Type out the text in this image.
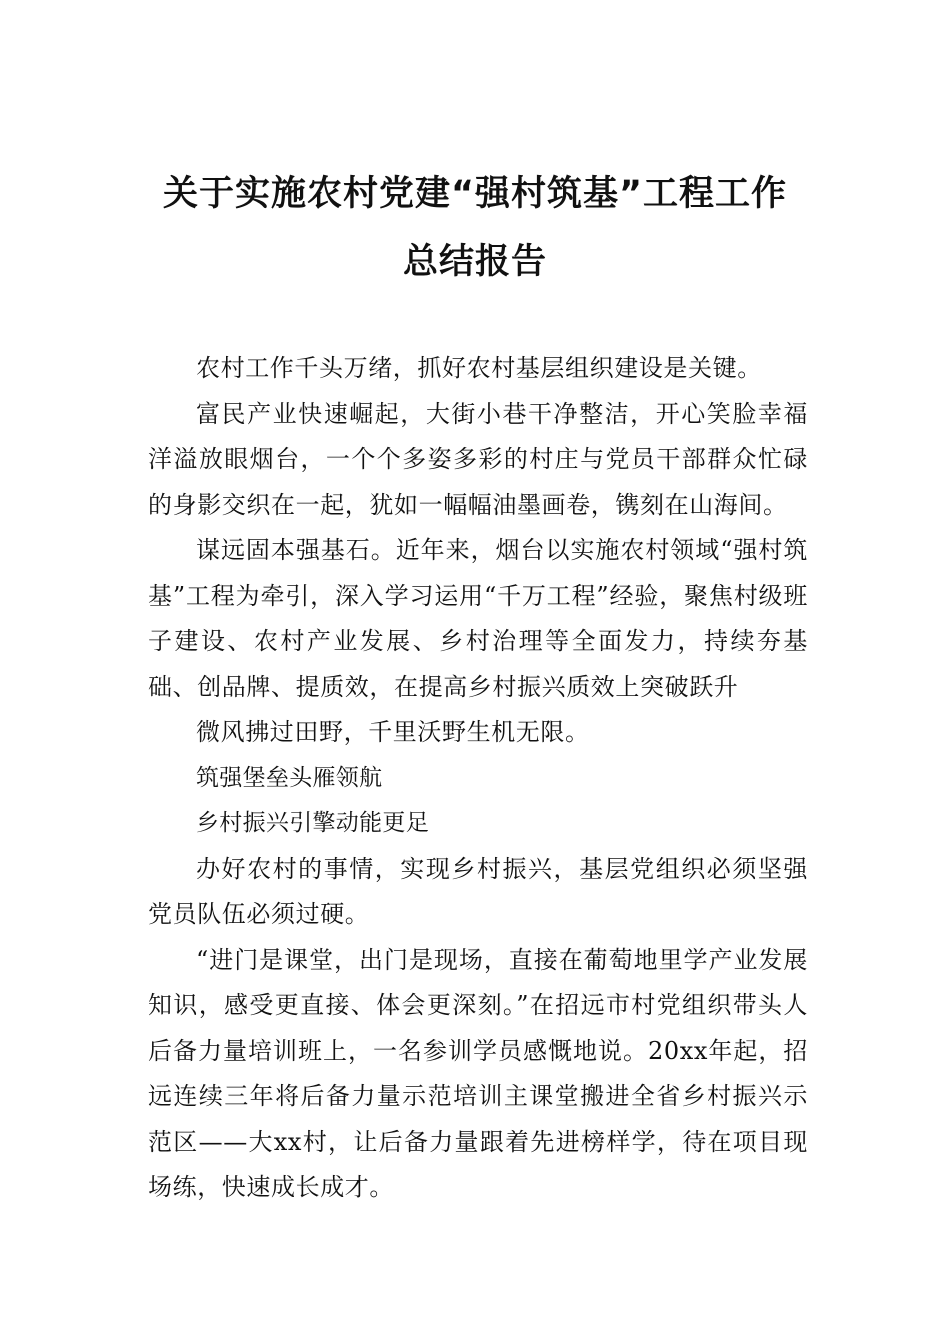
关于实施农村党建“强村筑基”工程工作
总结报告

农村工作千头万绪，抓好农村基层组织建设是关键。

富民产业快速崛起，大街小巷干净整洁，开心笑脸幸福洋溢放眼烟台，一个个多姿多彩的村庄与党员干部群众忙碌的身影交织在一起，犹如一幅幅油墨画卷，镌刻在山海间。

谋远固本强基石。近年来，烟台以实施农村领域“强村筑基”工程为牵引，深入学习运用“千万工程”经验，聚焦村级班子建设、农村产业发展、乡村治理等全面发力，持续夯基础、创品牌、提质效，在提高乡村振兴质效上突破跃升

微风拂过田野，千里沃野生机无限。

筑强堡垒头雁领航

乡村振兴引擎动能更足

办好农村的事情，实现乡村振兴，基层党组织必须坚强党员队伍必须过硬。

“进门是课堂，出门是现场，直接在葡萄地里学产业发展知识，感受更直接、体会更深刻。”在招远市村党组织带头人后备力量培训班上，一名参训学员感慨地说。20xx年起，招远连续三年将后备力量示范培训主课堂搬进全省乡村振兴示范区——大xx村，让后备力量跟着先进榜样学，待在项目现场练，快速成长成才。
